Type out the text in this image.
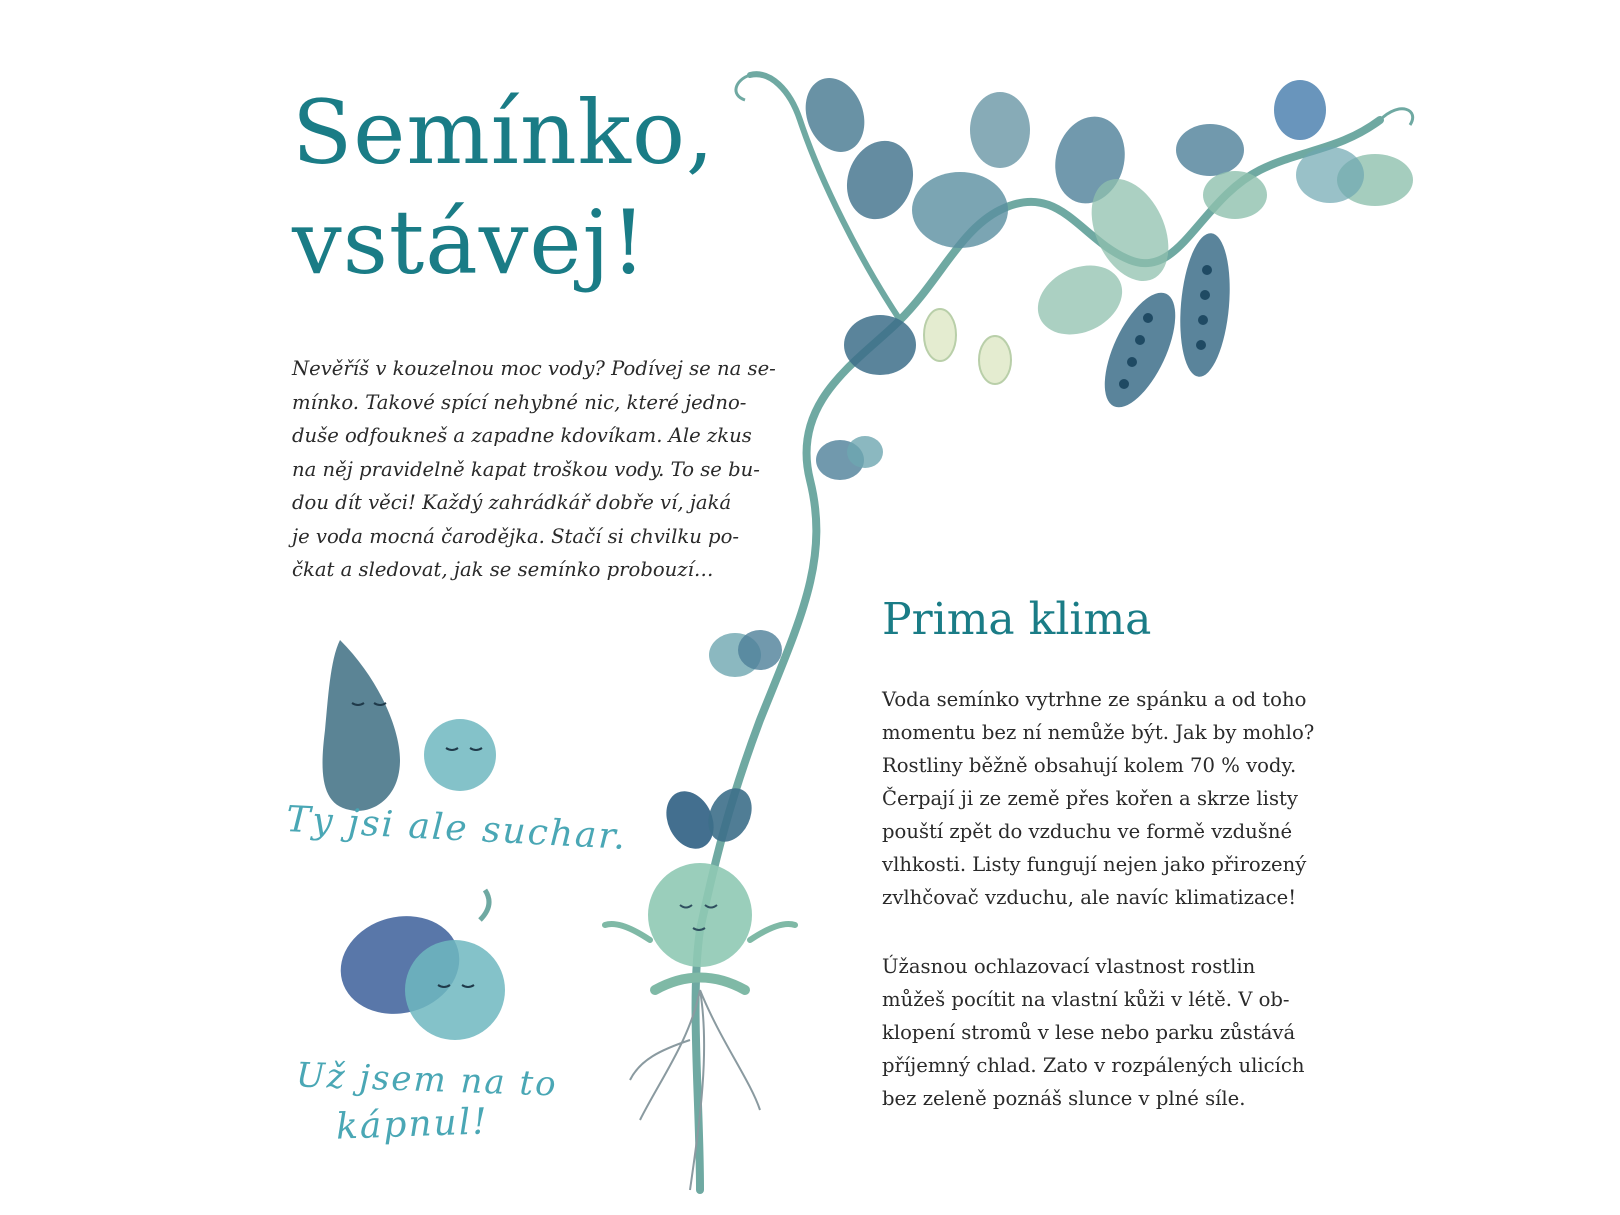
Semínko,
vstávej!
Nevěříš v kouzelnou moc vody? Podívej se na se-
mínko. Takové spící nehybné nic, které jedno-
duše odfoukneš a zapadne kdovíkam. Ale zkus
na něj pravidelně kapat troškou vody. To se bu-
dou dít věci! Každý zahrádkář dobře ví, jaká
je voda mocná čarodějka. Stačí si chvilku po-
čkat a sledovat, jak se semínko probouzí…
Prima klima
Voda semínko vytrhne ze spánku a od toho
momentu bez ní nemůže být. Jak by mohlo?
Rostliny běžně obsahují kolem 70 % vody.
Čerpají ji ze země přes kořen a skrze listy
pouští zpět do vzduchu ve formě vzdušné
vlhkosti. Listy fungují nejen jako přirozený
zvlhčovač vzduchu, ale navíc klimatizace!
Úžasnou ochlazovací vlastnost rostlin
můžeš pocítit na vlastní kůži v létě. V ob-
klopení stromů v lese nebo parku zůstává
příjemný chlad. Zato v rozpálených ulicích
bez zeleně poznáš slunce v plné síle.
Ty jsi ale suchar.
Už jsem na to
kápnul!
